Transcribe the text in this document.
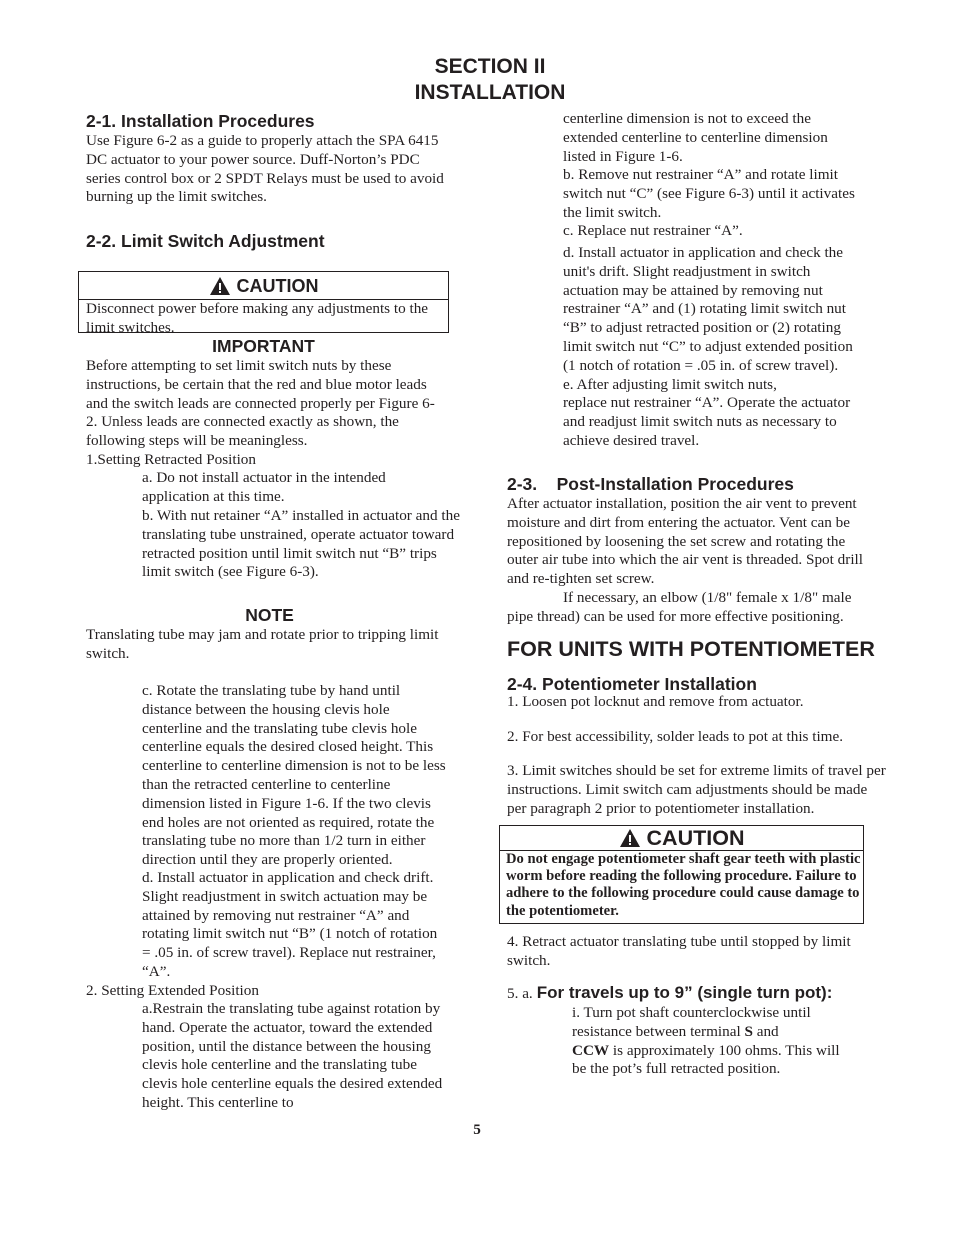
SECTION II
INSTALLATION
2-1. Installation Procedures

Use Figure 6-2 as a guide to properly attach the SPA 6415 DC actuator to your power source. Duff-Norton’s PDC series control box or 2 SPDT Relays must be used to avoid burning up the limit switches.

2-2. Limit Switch Adjustment
CAUTION

Disconnect power before making any adjustments to the limit switches.

IMPORTANT

Before attempting to set limit switch nuts by these instructions, be certain that the red and blue motor leads and the switch leads are connected properly per Figure 6-2. Unless leads are connected exactly as shown, the following steps will be meaningless.

1.Setting Retracted Position

a. Do not install actuator in the intended application at this time.

b. With nut retainer “A” installed in actuator and the translating tube unstrained, operate actuator toward retracted position until limit switch nut “B” trips limit switch (see Figure 6-3).

NOTE

Translating tube may jam and rotate prior to tripping limit switch.

c. Rotate the translating tube by hand until distance between the housing clevis hole centerline and the translating tube clevis hole centerline equals the desired closed height. This centerline to centerline dimension is not to be less than the retracted centerline to centerline dimension listed in Figure 1-6. If the two clevis end holes are not oriented as required, rotate the translating tube no more than 1/2 turn in either direction until they are properly oriented.

d. Install actuator in application and check drift. Slight readjustment in switch actuation may be attained by removing nut restrainer “A” and rotating limit switch nut “B” (1 notch of rotation = .05 in. of screw travel). Replace nut restrainer, “A”.

2. Setting Extended Position

a.Restrain the translating tube against rotation by hand. Operate the actuator, toward the extended position, until the distance between the housing clevis hole centerline and the translating tube clevis hole centerline equals the desired extended height. This centerline to

centerline dimension is not to exceed the extended centerline to centerline dimension listed in Figure 1-6.

b. Remove nut restrainer “A” and rotate limit switch nut “C” (see Figure 6-3) until it activates the limit switch.

c. Replace nut restrainer “A”.

d. Install actuator in application and check the unit's drift. Slight readjustment in switch actuation may be attained by removing nut restrainer “A” and (1) rotating limit switch nut “B” to adjust retracted position or (2) rotating limit switch nut “C” to adjust extended position (1 notch of rotation = .05 in. of screw travel).

e. After adjusting limit switch nuts,

replace nut restrainer “A”. Operate the actuator and readjust limit switch nuts as necessary to achieve desired travel.

2-3.    Post-Installation Procedures

After actuator installation, position the air vent to prevent moisture and dirt from entering the actuator. Vent can be repositioned by loosening the set screw and rotating the outer air tube into which the air vent is threaded. Spot drill and re-tighten set screw.

If necessary, an elbow (1/8" female x 1/8" male pipe thread) can be used for more effective positioning.

FOR UNITS WITH POTENTIOMETER
2-4. Potentiometer Installation

1. Loosen pot locknut and remove from actuator.

2. For best accessibility, solder leads to pot at this time.

3. Limit switches should be set for extreme limits of travel per instructions. Limit switch cam adjustments should be made per paragraph 2 prior to potentiometer installation.

CAUTION

Do not engage potentiometer shaft gear teeth with plastic worm before reading the following procedure. Failure to adhere to the following procedure could cause damage to the potentiometer.

4. Retract actuator translating tube until stopped by limit switch.

5. a. For travels up to 9” (single turn pot):

i. Turn pot shaft counterclockwise until resistance between terminal S and
CCW is approximately 100 ohms. This will be the pot’s full retracted position.

5
